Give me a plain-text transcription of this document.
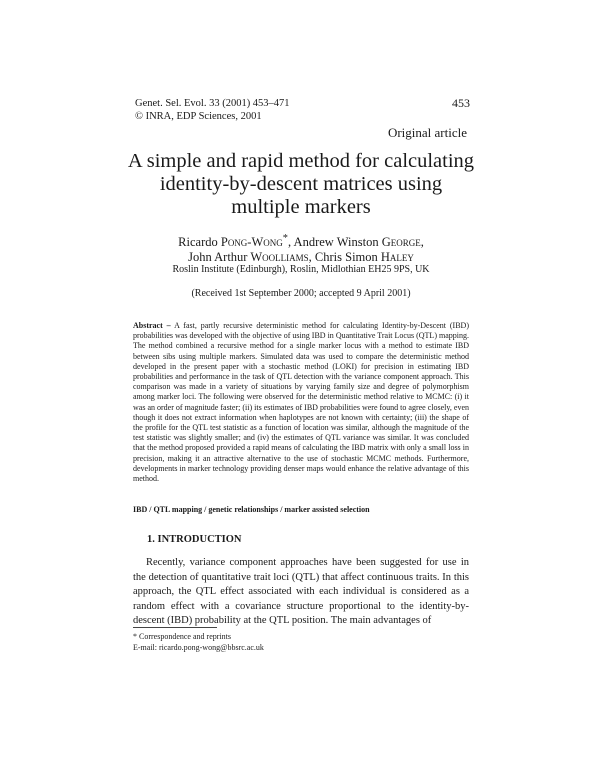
Genet. Sel. Evol. 33 (2001) 453–471
© INRA, EDP Sciences, 2001
453
Original article
A simple and rapid method for calculating
identity-by-descent matrices using
multiple markers
Ricardo Pong-Wong*, Andrew Winston George,
John Arthur Woolliams, Chris Simon Haley
Roslin Institute (Edinburgh), Roslin, Midlothian EH25 9PS, UK
(Received 1st September 2000; accepted 9 April 2001)
Abstract – A fast, partly recursive deterministic method for calculating Identity-by-Descent (IBD) probabilities was developed with the objective of using IBD in Quantitative Trait Locus (QTL) mapping. The method combined a recursive method for a single marker locus with a method to estimate IBD between sibs using multiple markers. Simulated data was used to compare the deterministic method developed in the present paper with a stochastic method (LOKI) for precision in estimating IBD probabilities and performance in the task of QTL detection with the variance component approach. This comparison was made in a variety of situations by varying family size and degree of polymorphism among marker loci. The following were observed for the deterministic method relative to MCMC: (i) it was an order of magnitude faster; (ii) its estimates of IBD probabilities were found to agree closely, even though it does not extract information when haplotypes are not known with certainty; (iii) the shape of the profile for the QTL test statistic as a function of location was similar, although the magnitude of the test statistic was slightly smaller; and (iv) the estimates of QTL variance was similar. It was concluded that the method proposed provided a rapid means of calculating the IBD matrix with only a small loss in precision, making it an attractive alternative to the use of stochastic MCMC methods. Furthermore, developments in marker technology providing denser maps would enhance the relative advantage of this method.
IBD / QTL mapping / genetic relationships / marker assisted selection
1. INTRODUCTION
Recently, variance component approaches have been suggested for use in the detection of quantitative trait loci (QTL) that affect continuous traits. In this approach, the QTL effect associated with each individual is considered as a random effect with a covariance structure proportional to the identity-by-descent (IBD) probability at the QTL position. The main advantages of
* Correspondence and reprints
E-mail: ricardo.pong-wong@bbsrc.ac.uk
